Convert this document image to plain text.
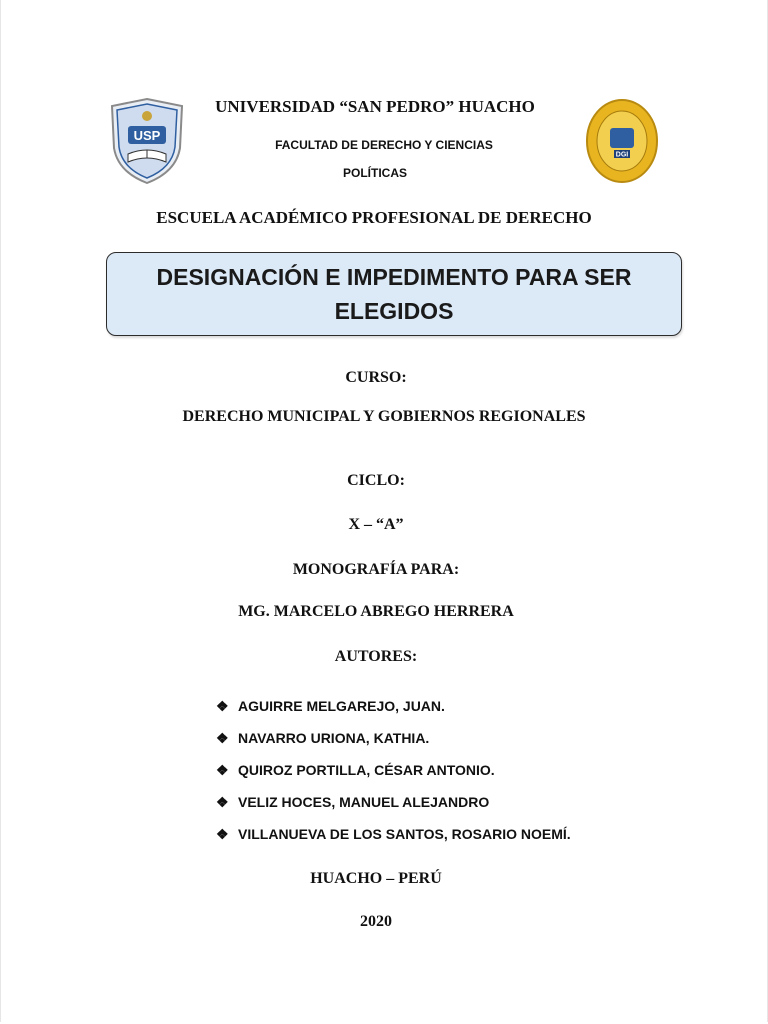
USP
DGI
UNIVERSIDAD “SAN PEDRO” HUACHO
FACULTAD DE DERECHO Y CIENCIAS
POLÍTICAS
ESCUELA ACADÉMICO PROFESIONAL DE DERECHO
DESIGNACIÓN E IMPEDIMENTO PARA SER ELEGIDOS
CURSO:
DERECHO MUNICIPAL Y GOBIERNOS REGIONALES
CICLO:
X – “A”
MONOGRAFÍA PARA:
MG. MARCELO ABREGO HERRERA
AUTORES:
❖ AGUIRRE MELGAREJO, JUAN.
❖ NAVARRO URIONA, KATHIA.
❖ QUIROZ PORTILLA, CÉSAR ANTONIO.
❖ VELIZ HOCES, MANUEL ALEJANDRO
❖ VILLANUEVA DE LOS SANTOS, ROSARIO NOEMÍ.
HUACHO – PERÚ
2020
